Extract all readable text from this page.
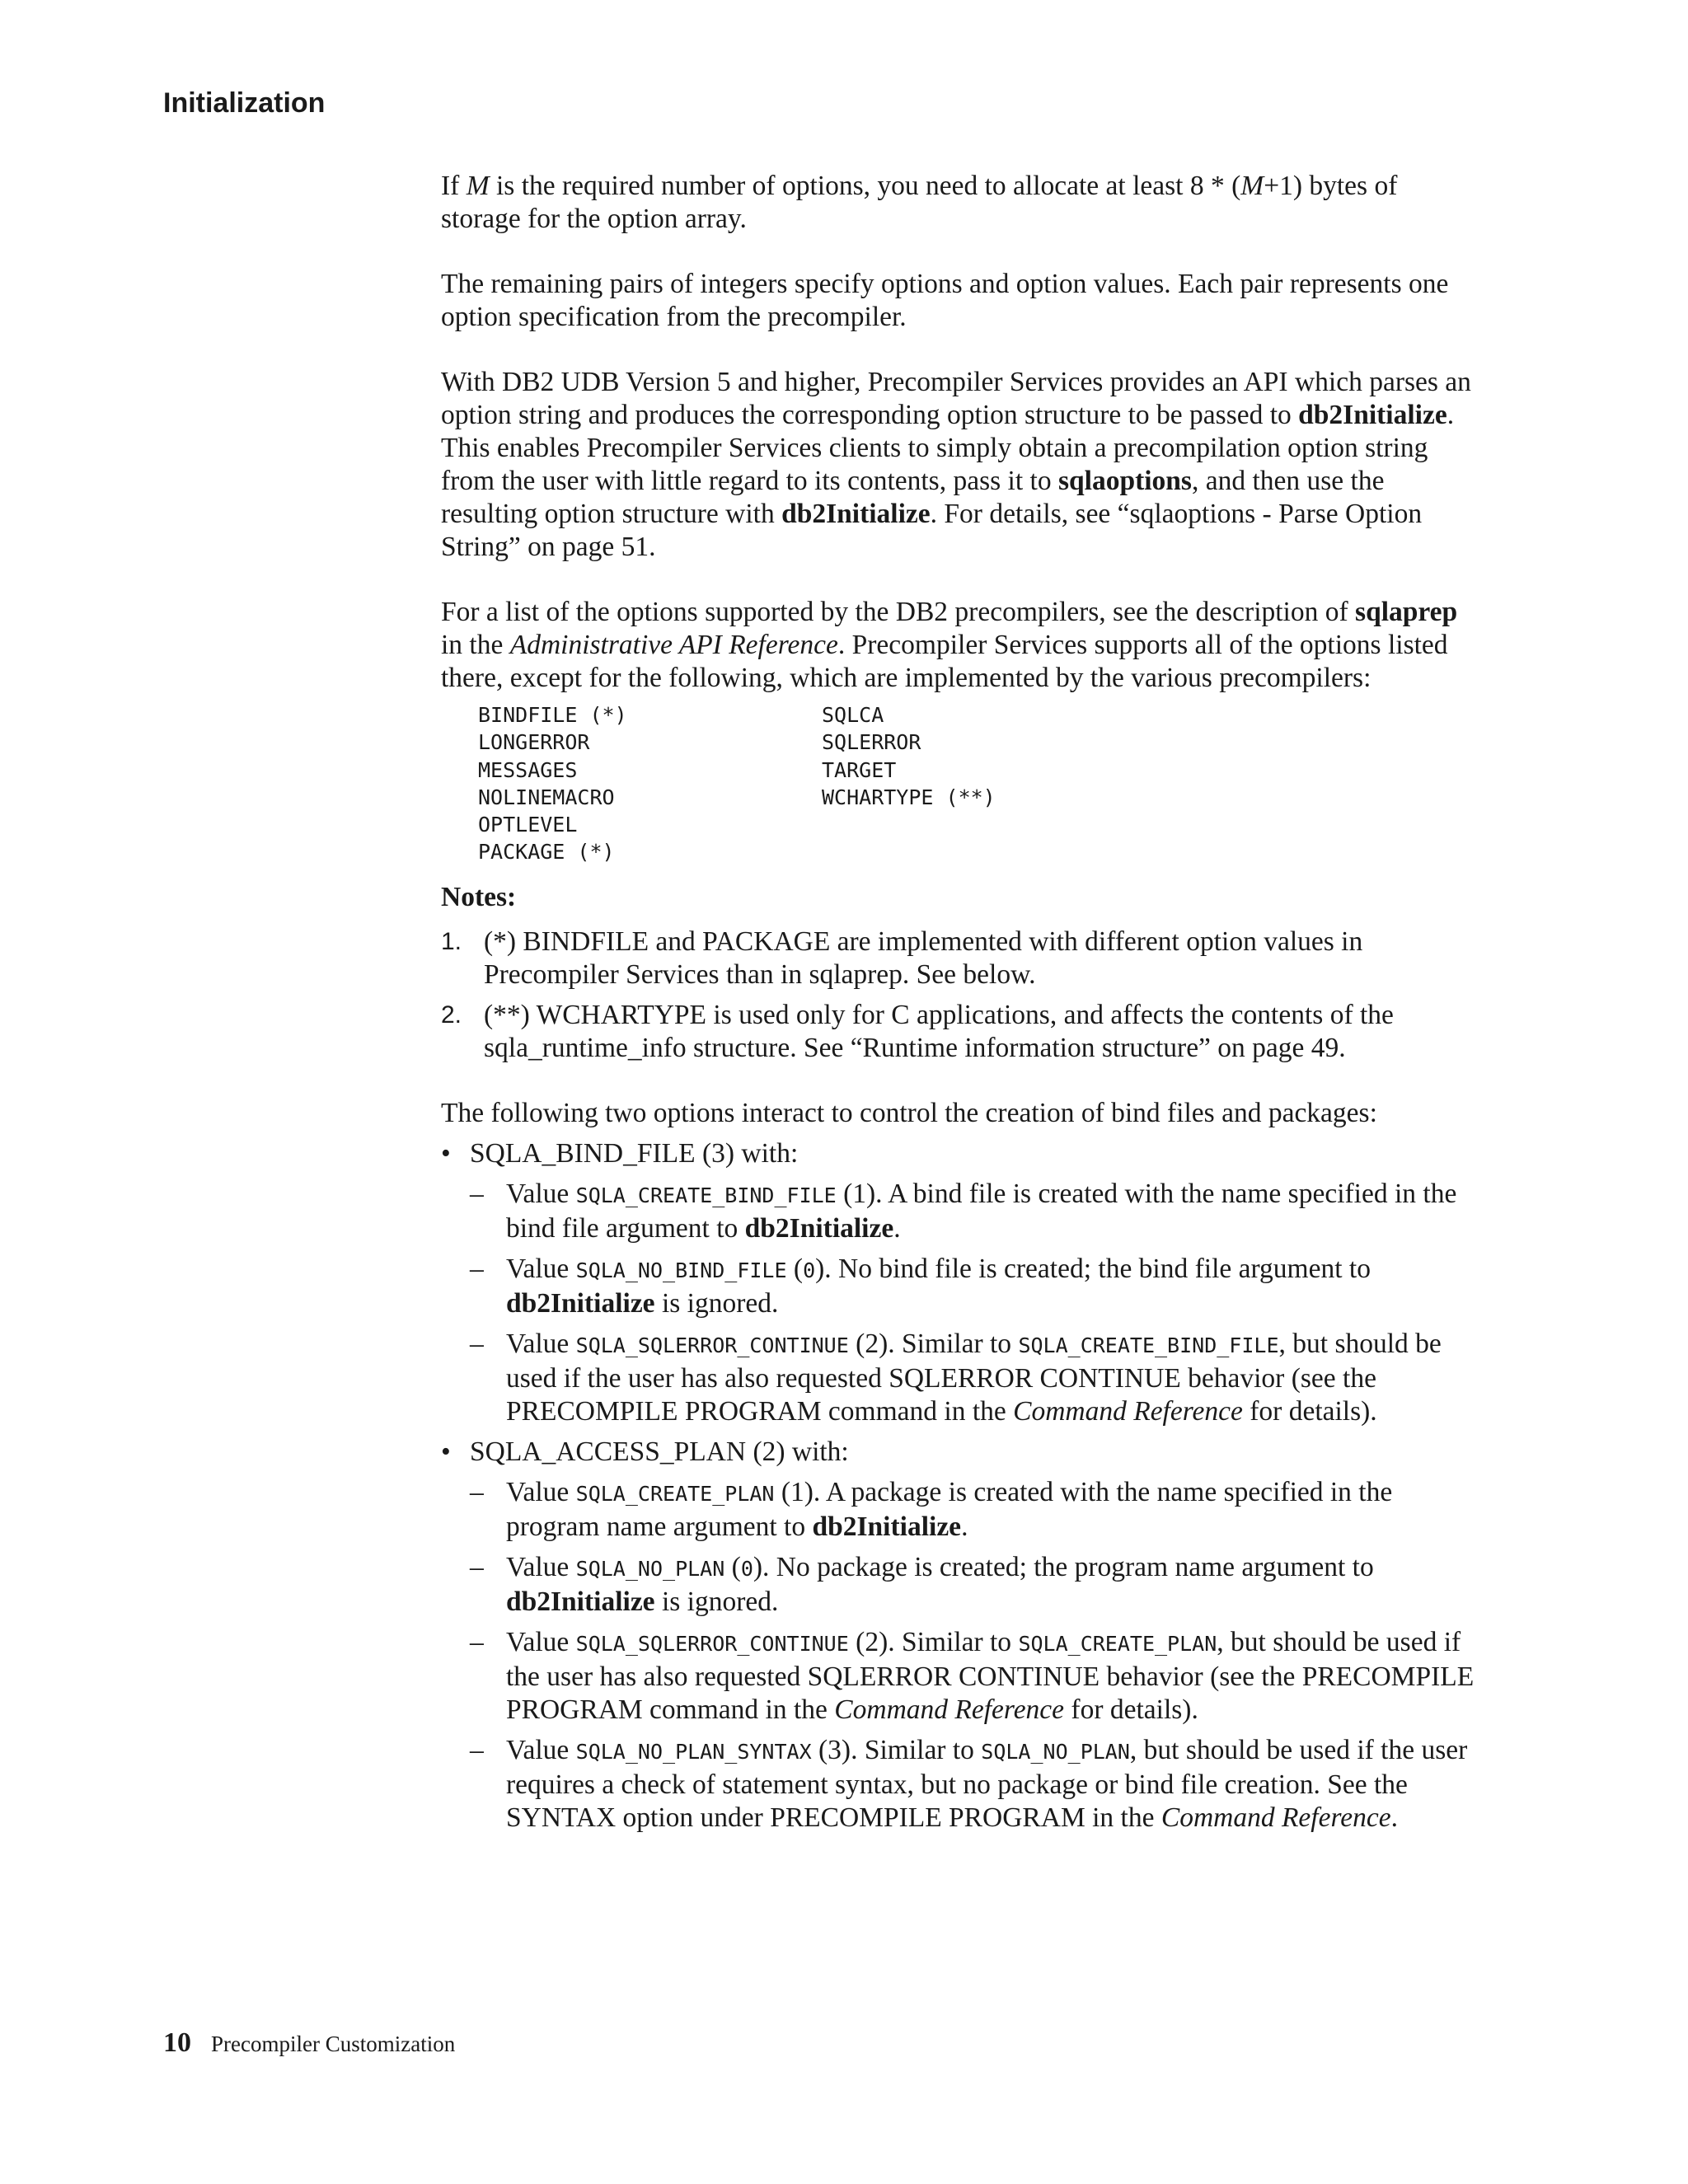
Initialization

If M is the required number of options, you need to allocate at least 8 * (M+1) bytes of storage for the option array.

The remaining pairs of integers specify options and option values. Each pair represents one option specification from the precompiler.

With DB2 UDB Version 5 and higher, Precompiler Services provides an API which parses an option string and produces the corresponding option structure to be passed to db2Initialize. This enables Precompiler Services clients to simply obtain a precompilation option string from the user with little regard to its contents, pass it to sqlaoptions, and then use the resulting option structure with db2Initialize. For details, see “sqlaoptions - Parse Option String” on page 51.

For a list of the options supported by the DB2 precompilers, see the description of sqlaprep in the Administrative API Reference. Precompiler Services supports all of the options listed there, except for the following, which are implemented by the various precompilers:

BINDFILE (*)
LONGERROR
MESSAGES
NOLINEMACRO
OPTLEVEL
PACKAGE (*)
SQLCA
SQLERROR
TARGET
WCHARTYPE (**)
Notes:
1. (*) BINDFILE and PACKAGE are implemented with different option values in Precompiler Services than in sqlaprep. See below.
2. (**) WCHARTYPE is used only for C applications, and affects the contents of the sqla_runtime_info structure. See “Runtime information structure” on page 49.

The following two options interact to control the creation of bind files and packages:

• SQLA_BIND_FILE (3) with:
– Value SQLA_CREATE_BIND_FILE (1). A bind file is created with the name specified in the bind file argument to db2Initialize.
– Value SQLA_NO_BIND_FILE (0). No bind file is created; the bind file argument to db2Initialize is ignored.
– Value SQLA_SQLERROR_CONTINUE (2). Similar to SQLA_CREATE_BIND_FILE, but should be used if the user has also requested SQLERROR CONTINUE behavior (see the PRECOMPILE PROGRAM command in the Command Reference for details).
• SQLA_ACCESS_PLAN (2) with:
– Value SQLA_CREATE_PLAN (1). A package is created with the name specified in the program name argument to db2Initialize.
– Value SQLA_NO_PLAN (0). No package is created; the program name argument to db2Initialize is ignored.
– Value SQLA_SQLERROR_CONTINUE (2). Similar to SQLA_CREATE_PLAN, but should be used if the user has also requested SQLERROR CONTINUE behavior (see the PRECOMPILE PROGRAM command in the Command Reference for details).
– Value SQLA_NO_PLAN_SYNTAX (3). Similar to SQLA_NO_PLAN, but should be used if the user requires a check of statement syntax, but no package or bind file creation. See the SYNTAX option under PRECOMPILE PROGRAM in the Command Reference.
10 Precompiler Customization
